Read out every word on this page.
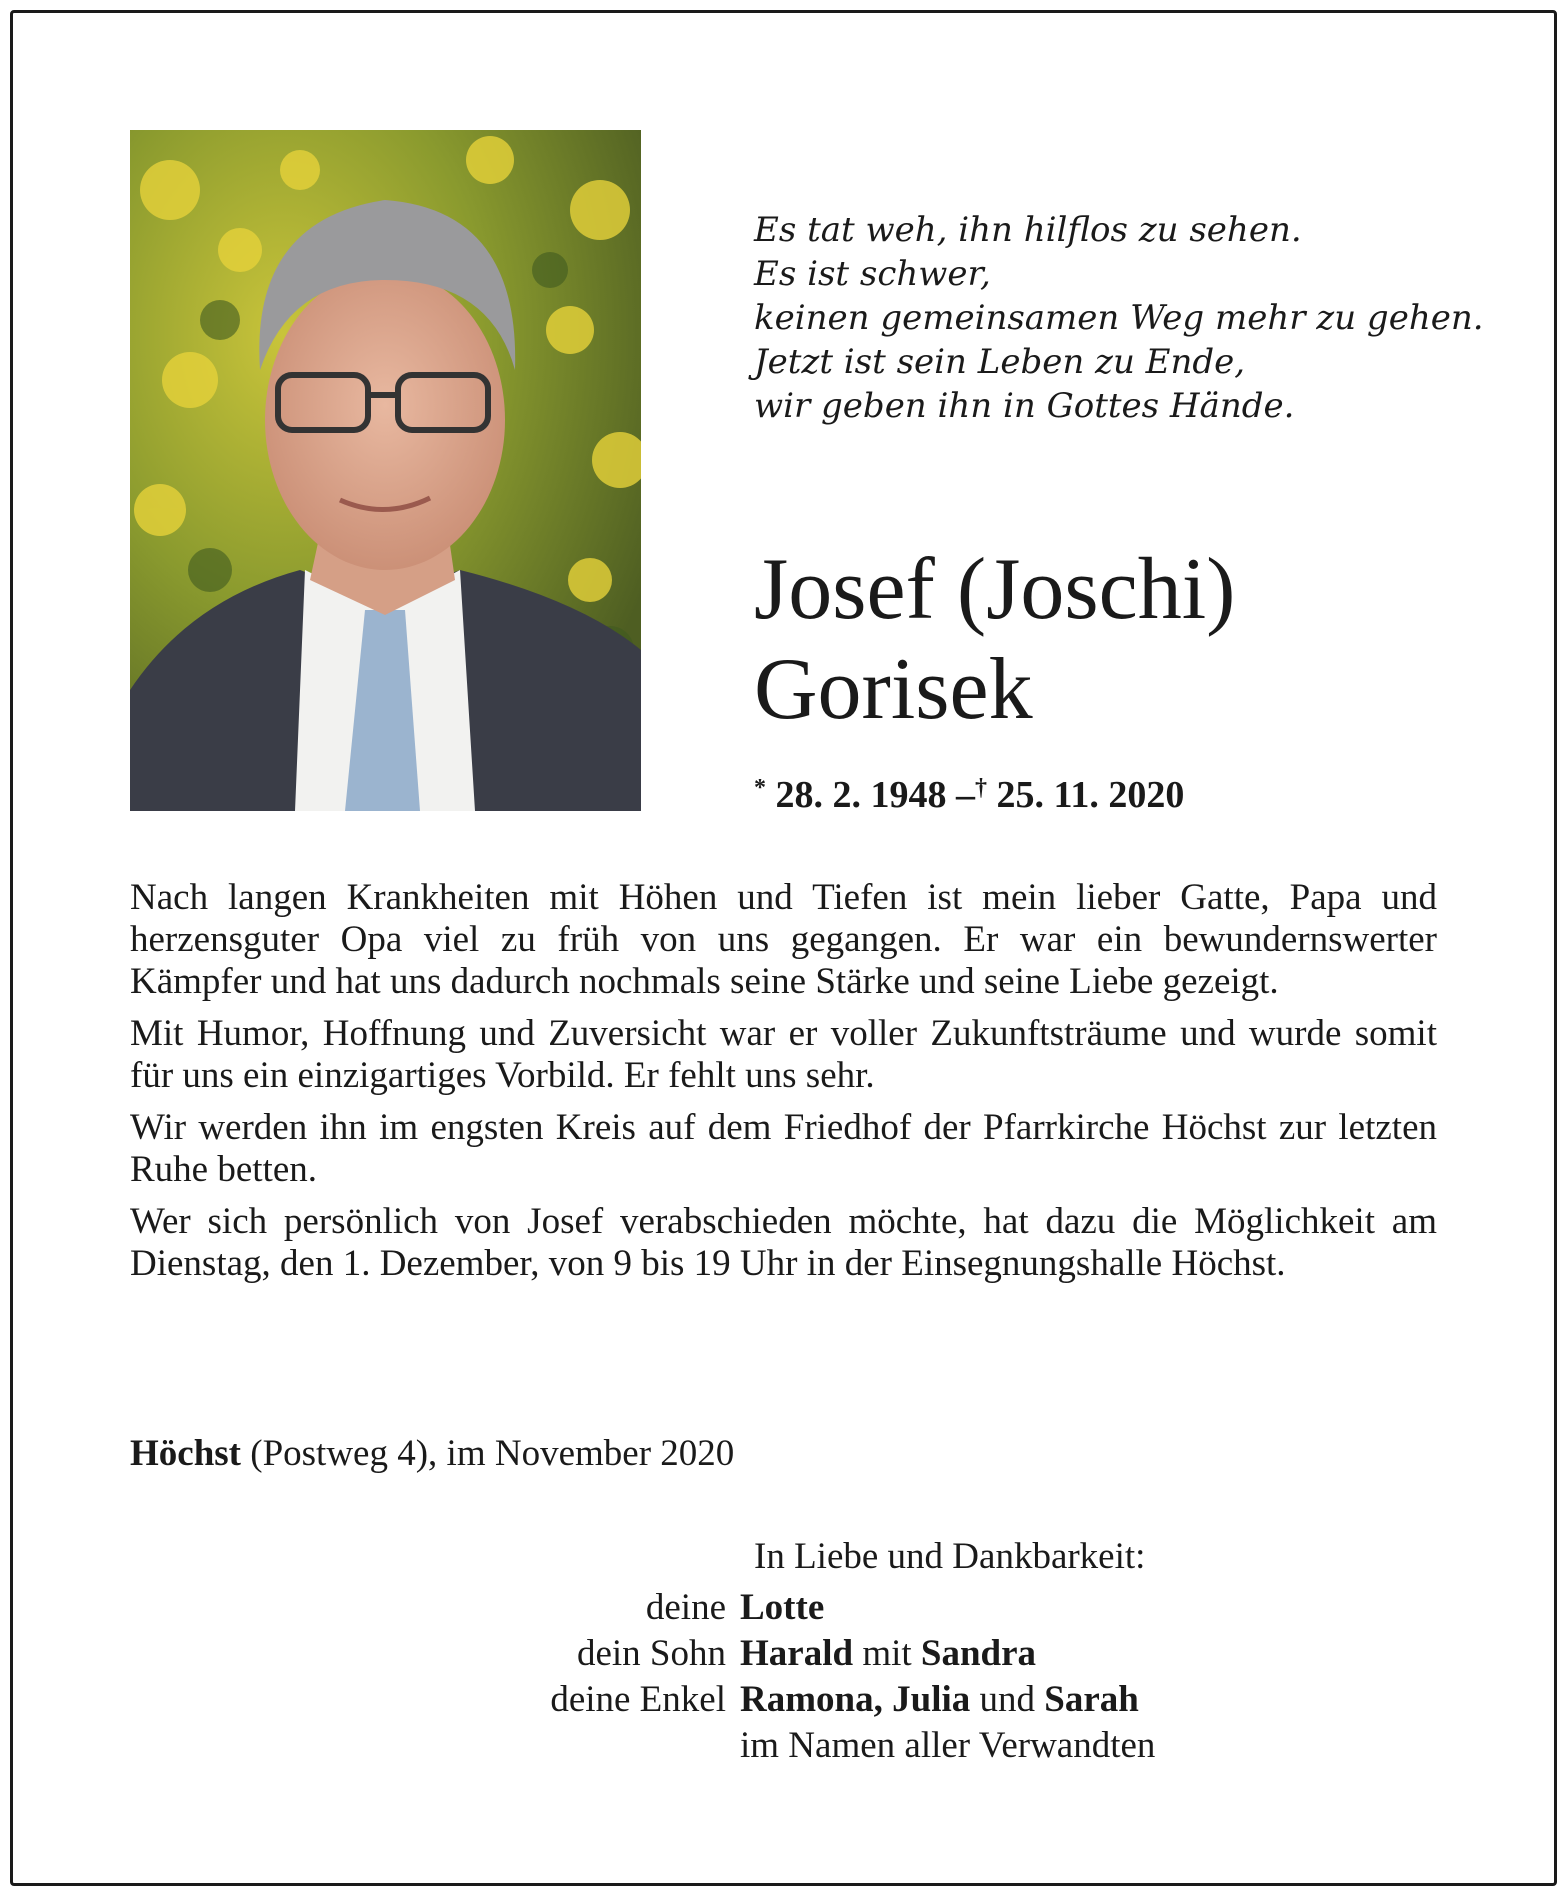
Es tat weh, ihn hilflos zu sehen.
Es ist schwer,
keinen gemeinsamen Weg mehr zu gehen.
Jetzt ist sein Leben zu Ende,
wir geben ihn in Gottes Hände.
Josef (Joschi)
Gorisek
* 28. 2. 1948 –† 25. 11. 2020

Nach langen Krankheiten mit Höhen und Tiefen ist mein lieber Gatte, Papa und herzensguter Opa viel zu früh von uns gegangen. Er war ein bewundernswerter Kämpfer und hat uns dadurch nochmals seine Stärke und seine Liebe gezeigt.

Mit Humor, Hoffnung und Zuversicht war er voller Zukunftsträume und wurde somit für uns ein einzigartiges Vorbild. Er fehlt uns sehr.

Wir werden ihn im engsten Kreis auf dem Friedhof der Pfarrkirche Höchst zur letzten Ruhe betten.

Wer sich persönlich von Josef verabschieden möchte, hat dazu die Möglichkeit am Dienstag, den 1. Dezember, von 9 bis 19 Uhr in der Einsegnungshalle Höchst.

Höchst (Postweg 4), im November 2020
In Liebe und Dankbarkeit:
deine Lotte
dein Sohn Harald mit Sandra
deine Enkel Ramona, Julia und Sarah
im Namen aller Verwandten
